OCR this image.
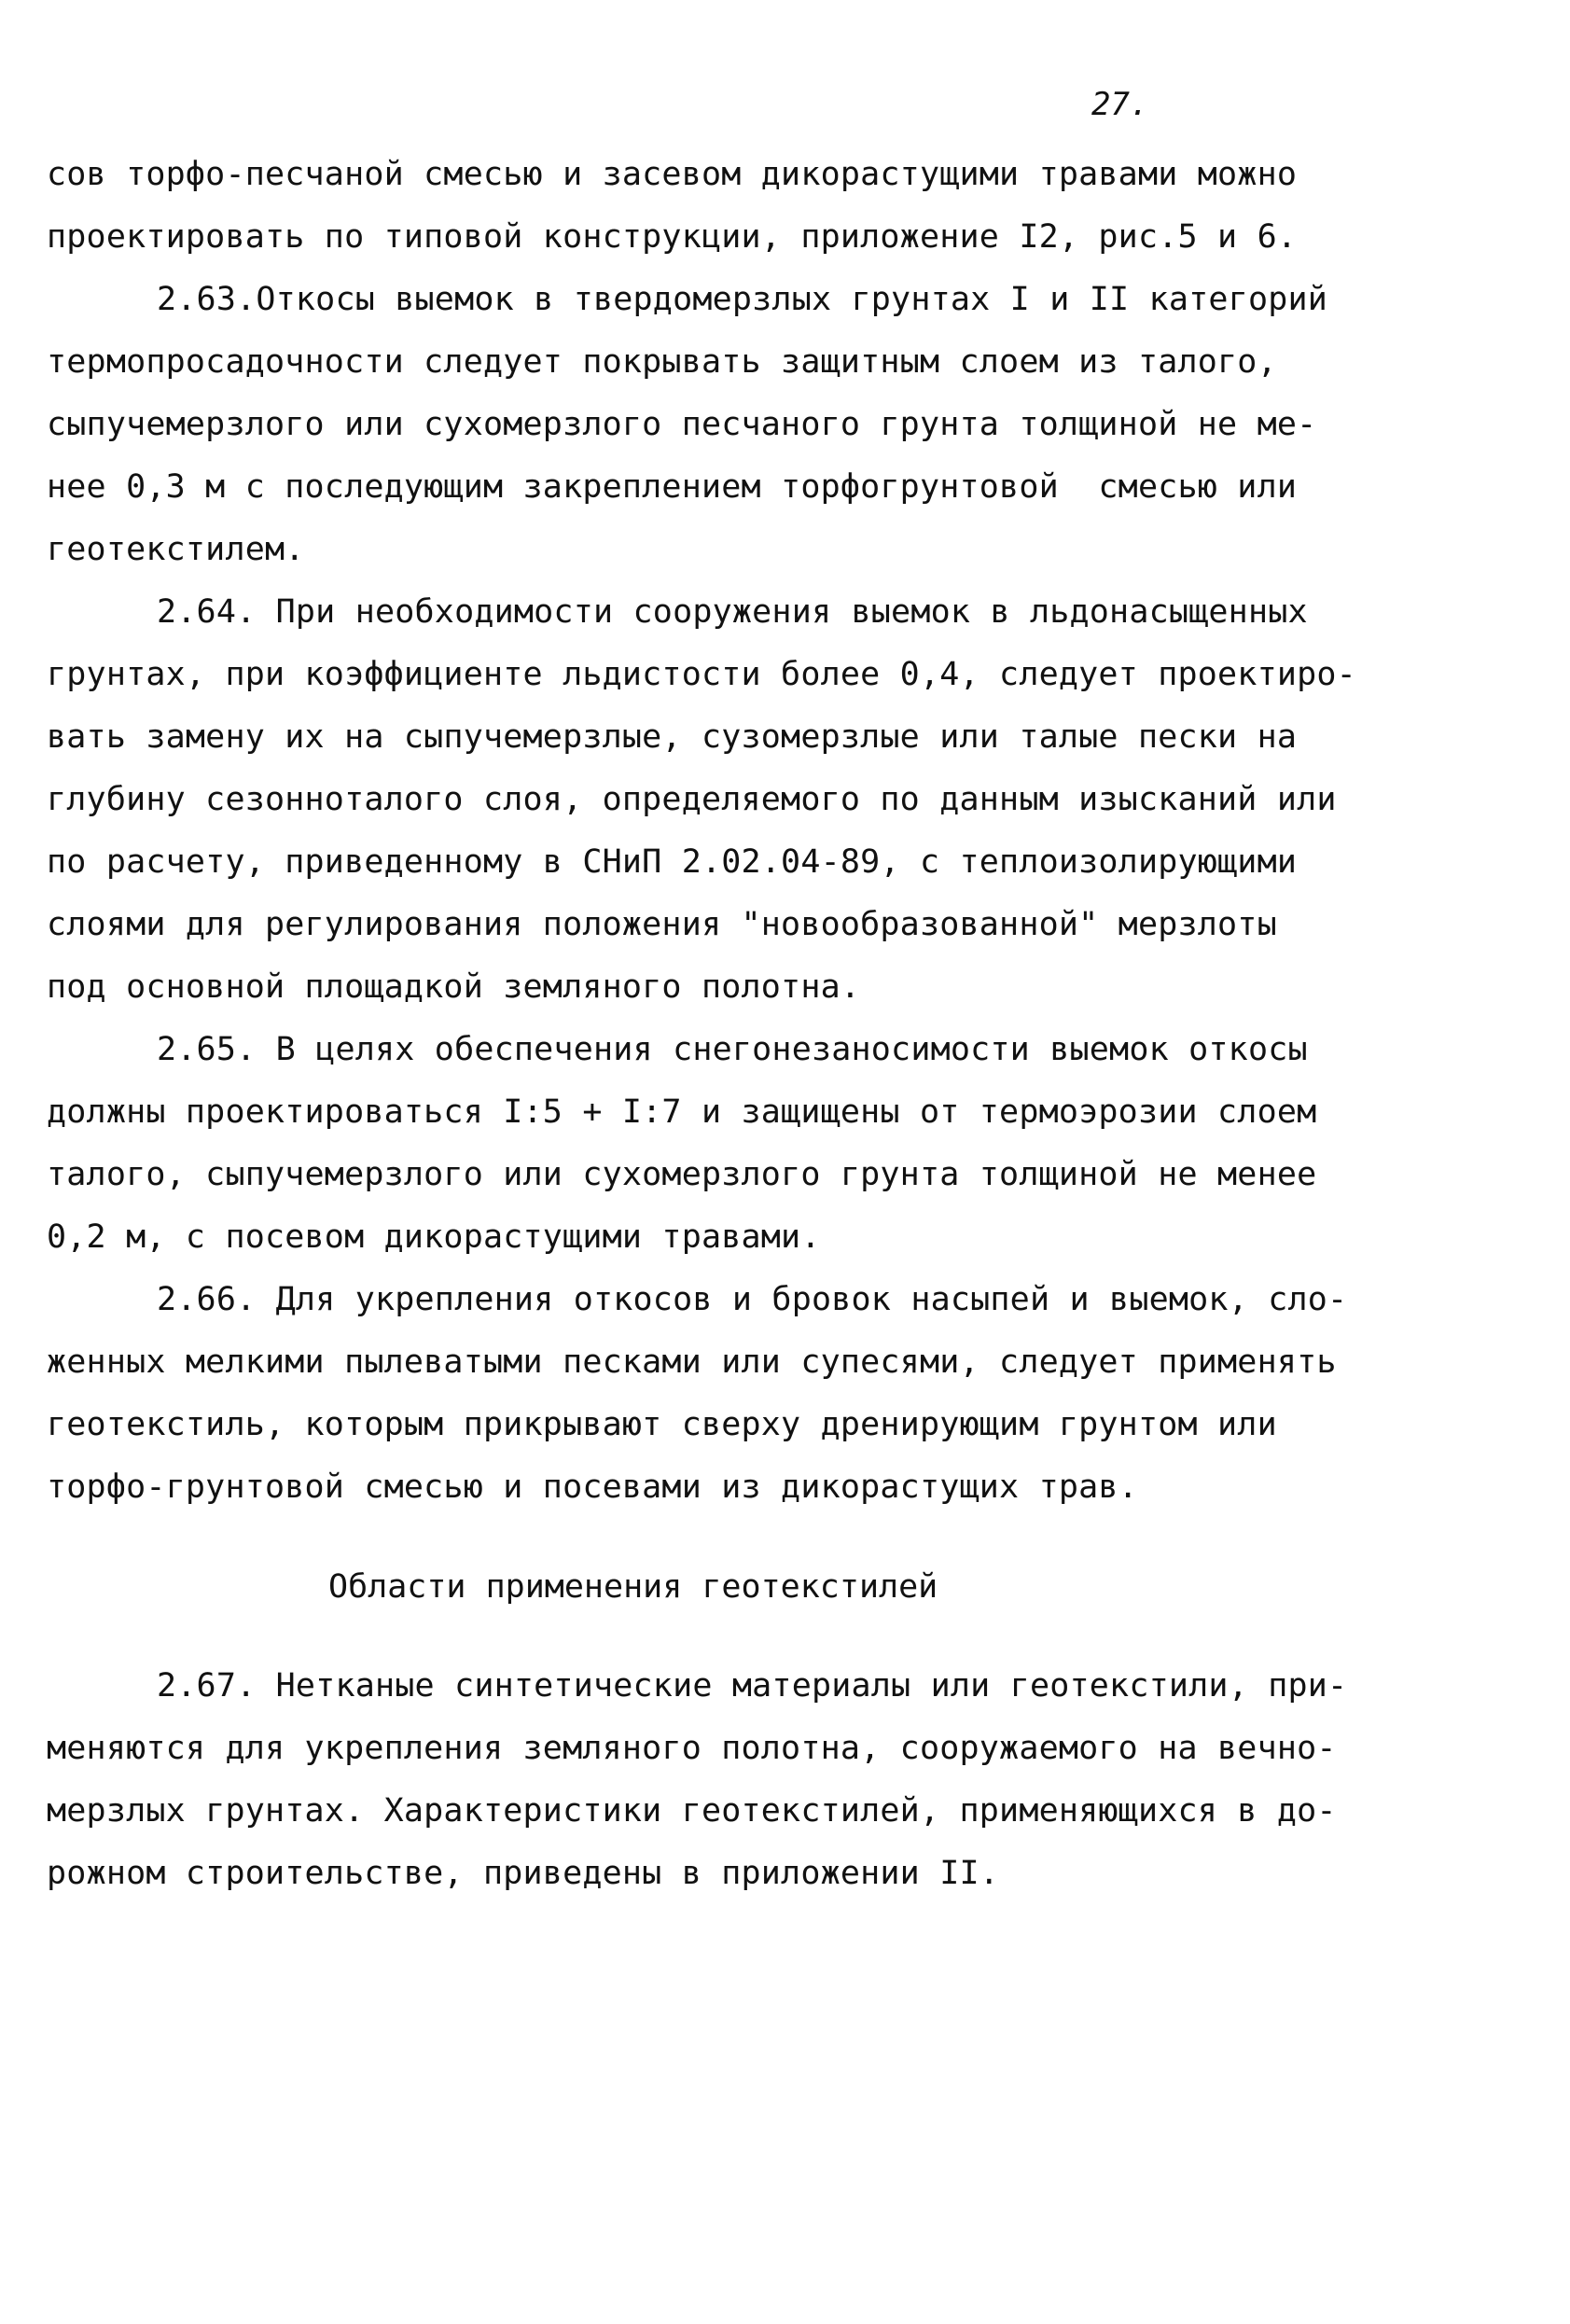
27.
сов торфо-песчаной смесью и засевом дикорастущими травами можно
проектировать по типовой конструкции, приложение I2, рис.5 и 6.
2.63.Откосы выемок в твердомерзлых грунтах I и II категорий
термопросадочности следует покрывать защитным слоем из талого,
сыпучемерзлого или сухомерзлого песчаного грунта толщиной не ме-
нее 0,3 м с последующим закреплением торфогрунтовой  смесью или
геотекстилем.
2.64. При необходимости сооружения выемок в льдонасыщенных
грунтах, при коэффициенте льдистости более 0,4, следует проектиро-
вать замену их на сыпучемерзлые, сузомерзлые или талые пески на
глубину сезонноталого слоя, определяемого по данным изысканий или
по расчету, приведенному в СНиП 2.02.04-89, с теплоизолирующими
слоями для регулирования положения "новообразованной" мерзлоты
под основной площадкой земляного полотна.
2.65. В целях обеспечения снегонезаносимости выемок откосы
должны проектироваться I:5 + I:7 и защищены от термоэрозии слоем
талого, сыпучемерзлого или сухомерзлого грунта толщиной не менее
0,2 м, с посевом дикорастущими травами.
2.66. Для укрепления откосов и бровок насыпей и выемок, сло-
женных мелкими пылеватыми песками или супесями, следует применять
геотекстиль, которым прикрывают сверху дренирующим грунтом или
торфо-грунтовой смесью и посевами из дикорастущих трав.
Области применения геотекстилей
2.67. Нетканые синтетические материалы или геотекстили, при-
меняются для укрепления земляного полотна, сооружаемого на вечно-
мерзлых грунтах. Характеристики геотекстилей, применяющихся в до-
рожном строительстве, приведены в приложении II.
